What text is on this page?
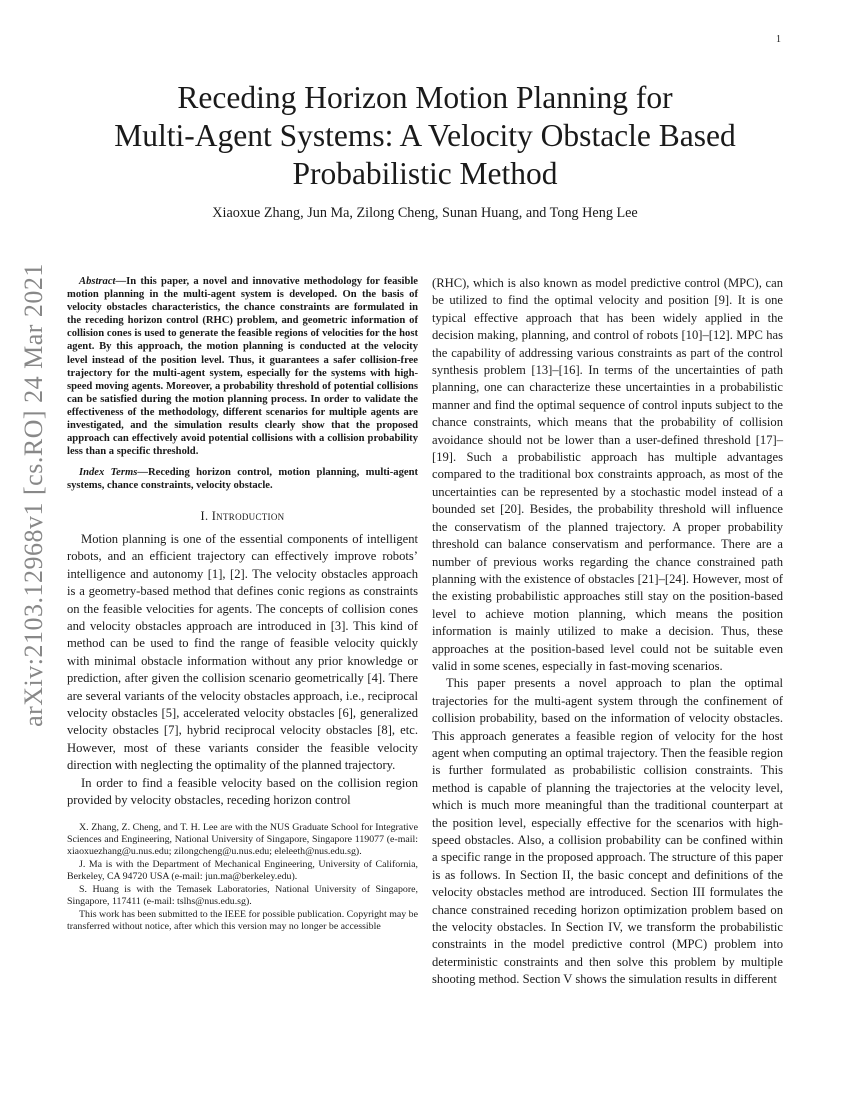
1
arXiv:2103.12968v1 [cs.RO] 24 Mar 2021
Receding Horizon Motion Planning for
Multi-Agent Systems: A Velocity Obstacle Based
Probabilistic Method
Xiaoxue Zhang, Jun Ma, Zilong Cheng, Sunan Huang, and Tong Heng Lee

Abstract—In this paper, a novel and innovative methodology for feasible motion planning in the multi-agent system is developed. On the basis of velocity obstacles characteristics, the chance constraints are formulated in the receding horizon control (RHC) problem, and geometric information of collision cones is used to generate the feasible regions of velocities for the host agent. By this approach, the motion planning is conducted at the velocity level instead of the position level. Thus, it guarantees a safer collision-free trajectory for the multi-agent system, especially for the systems with high-speed moving agents. Moreover, a probability threshold of potential collisions can be satisfied during the motion planning process. In order to validate the effectiveness of the methodology, different scenarios for multiple agents are investigated, and the simulation results clearly show that the proposed approach can effectively avoid potential collisions with a collision probability less than a specific threshold.

Index Terms—Receding horizon control, motion planning, multi-agent systems, chance constraints, velocity obstacle.

I. Introduction

Motion planning is one of the essential components of intelligent robots, and an efficient trajectory can effectively improve robots’ intelligence and autonomy [1], [2]. The velocity obstacles approach is a geometry-based method that defines conic regions as constraints on the feasible velocities for agents. The concepts of collision cones and velocity obstacles approach are introduced in [3]. This kind of method can be used to find the range of feasible velocity quickly with minimal obstacle information without any prior knowledge or prediction, after given the collision scenario geometrically [4]. There are several variants of the velocity obstacles approach, i.e., reciprocal velocity obstacles [5], accelerated velocity obstacles [6], generalized velocity obstacles [7], hybrid reciprocal velocity obstacles [8], etc. However, most of these variants consider the feasible velocity direction with neglecting the optimality of the planned trajectory.

In order to find a feasible velocity based on the collision region provided by velocity obstacles, receding horizon control

X. Zhang, Z. Cheng, and T. H. Lee are with the NUS Graduate School for Integrative Sciences and Engineering, National University of Singapore, Singapore 119077 (e-mail: xiaoxuezhang@u.nus.edu; zilongcheng@u.nus.edu; eleleeth@nus.edu.sg).

J. Ma is with the Department of Mechanical Engineering, University of California, Berkeley, CA 94720 USA (e-mail: jun.ma@berkeley.edu).

S. Huang is with the Temasek Laboratories, National University of Singapore, Singapore, 117411 (e-mail: tslhs@nus.edu.sg).

This work has been submitted to the IEEE for possible publication. Copyright may be transferred without notice, after which this version may no longer be accessible

(RHC), which is also known as model predictive control (MPC), can be utilized to find the optimal velocity and position [9]. It is one typical effective approach that has been widely applied in the decision making, planning, and control of robots [10]–[12]. MPC has the capability of addressing various constraints as part of the control synthesis problem [13]–[16]. In terms of the uncertainties of path planning, one can characterize these uncertainties in a probabilistic manner and find the optimal sequence of control inputs subject to the chance constraints, which means that the probability of collision avoidance should not be lower than a user-defined threshold [17]–[19]. Such a probabilistic approach has multiple advantages compared to the traditional box constraints approach, as most of the uncertainties can be represented by a stochastic model instead of a bounded set [20]. Besides, the probability threshold will influence the conservatism of the planned trajectory. A proper probability threshold can balance conservatism and performance. There are a number of previous works regarding the chance constrained path planning with the existence of obstacles [21]–[24]. However, most of the existing probabilistic approaches still stay on the position-based level to achieve motion planning, which means the position information is mainly utilized to make a decision. Thus, these approaches at the position-based level could not be suitable even valid in some scenes, especially in fast-moving scenarios.

This paper presents a novel approach to plan the optimal trajectories for the multi-agent system through the confinement of collision probability, based on the information of velocity obstacles. This approach generates a feasible region of velocity for the host agent when computing an optimal trajectory. Then the feasible region is further formulated as probabilistic collision constraints. This method is capable of planning the trajectories at the velocity level, which is much more meaningful than the traditional counterpart at the position level, especially effective for the scenarios with high-speed obstacles. Also, a collision probability can be confined within a specific range in the proposed approach. The structure of this paper is as follows. In Section II, the basic concept and definitions of the velocity obstacles method are introduced. Section III formulates the chance constrained receding horizon optimization problem based on the velocity obstacles. In Section IV, we transform the probabilistic constraints in the model predictive control (MPC) problem into deterministic constraints and then solve this problem by multiple shooting method. Section V shows the simulation results in different
